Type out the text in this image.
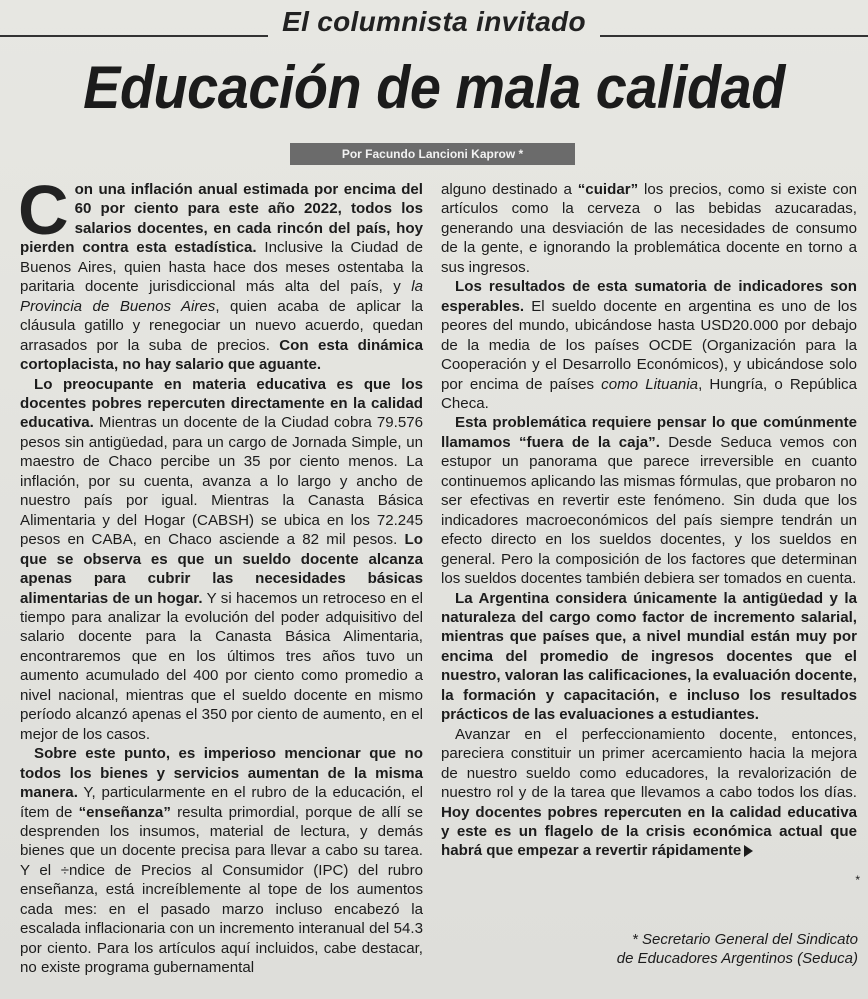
El columnista invitado
Educación de mala calidad
Por Facundo Lancioni Kaprow *

Con una inflación anual estimada por encima del 60 por ciento para este año 2022, todos los salarios docentes, en cada rincón del país, hoy pierden contra esta estadística. Inclusive la Ciudad de Buenos Aires, quien hasta hace dos meses ostentaba la paritaria docente jurisdiccional más alta del país, y la Provincia de Buenos Aires, quien acaba de aplicar la cláusula gatillo y renegociar un nuevo acuerdo, quedan arrasados por la suba de precios. Con esta dinámica cortoplacista, no hay salario que aguante.

Lo preocupante en materia educativa es que los docentes pobres repercuten directamente en la calidad educativa. Mientras un docente de la Ciudad cobra 79.576 pesos sin antigüedad, para un cargo de Jornada Simple, un maestro de Chaco percibe un 35 por ciento menos. La inflación, por su cuenta, avanza a lo largo y ancho de nuestro país por igual. Mientras la Canasta Básica Alimentaria y del Hogar (CABSH) se ubica en los 72.245 pesos en CABA, en Chaco asciende a 82 mil pesos. Lo que se observa es que un sueldo docente alcanza apenas para cubrir las necesidades básicas alimentarias de un hogar. Y si hacemos un retroceso en el tiempo para analizar la evolución del poder adquisitivo del salario docente para la Canasta Básica Alimentaria, encontraremos que en los últimos tres años tuvo un aumento acumulado del 400 por ciento como promedio a nivel nacional, mientras que el sueldo docente en mismo período alcanzó apenas el 350 por ciento de aumento, en el mejor de los casos.

Sobre este punto, es imperioso mencionar que no todos los bienes y servicios aumentan de la misma manera. Y, particularmente en el rubro de la educación, el ítem de “enseñanza” resulta primordial, porque de allí se desprenden los insumos, material de lectura, y demás bienes que un docente precisa para llevar a cabo su tarea. Y el ÷ndice de Precios al Consumidor (IPC) del rubro enseñanza, está increíblemente al tope de los aumentos cada mes: en el pasado marzo incluso encabezó la escalada inflacionaria con un incremento interanual del 54.3 por ciento. Para los artículos aquí incluidos, cabe destacar, no existe programa gubernamental

alguno destinado a “cuidar” los precios, como si existe con artículos como la cerveza o las bebidas azucaradas, generando una desviación de las necesidades de consumo de la gente, e ignorando la problemática docente en torno a sus ingresos.

Los resultados de esta sumatoria de indicadores son esperables. El sueldo docente en argentina es uno de los peores del mundo, ubicándose hasta USD20.000 por debajo de la media de los países OCDE (Organización para la Cooperación y el Desarrollo Económicos), y ubicándose solo por encima de países como Lituania, Hungría, o República Checa.

Esta problemática requiere pensar lo que comúnmente llamamos “fuera de la caja”. Desde Seduca vemos con estupor un panorama que parece irreversible en cuanto continuemos aplicando las mismas fórmulas, que probaron no ser efectivas en revertir este fenómeno. Sin duda que los indicadores macroeconómicos del país siempre tendrán un efecto directo en los sueldos docentes, y los sueldos en general. Pero la composición de los factores que determinan los sueldos docentes también debiera ser tomados en cuenta.

La Argentina considera únicamente la antigüedad y la naturaleza del cargo como factor de incremento salarial, mientras que países que, a nivel mundial están muy por encima del promedio de ingresos docentes que el nuestro, valoran las calificaciones, la evaluación docente, la formación y capacitación, e incluso los resultados prácticos de las evaluaciones a estudiantes.

Avanzar en el perfeccionamiento docente, entonces, pareciera constituir un primer acercamiento hacia la mejora de nuestro sueldo como educadores, la revalorización de nuestro rol y de la tarea que llevamos a cabo todos los días. Hoy docentes pobres repercuten en la calidad educativa y este es un flagelo de la crisis económica actual que habrá que empezar a revertir rápidamente

*
* Secretario General del Sindicato
de Educadores Argentinos (Seduca)
